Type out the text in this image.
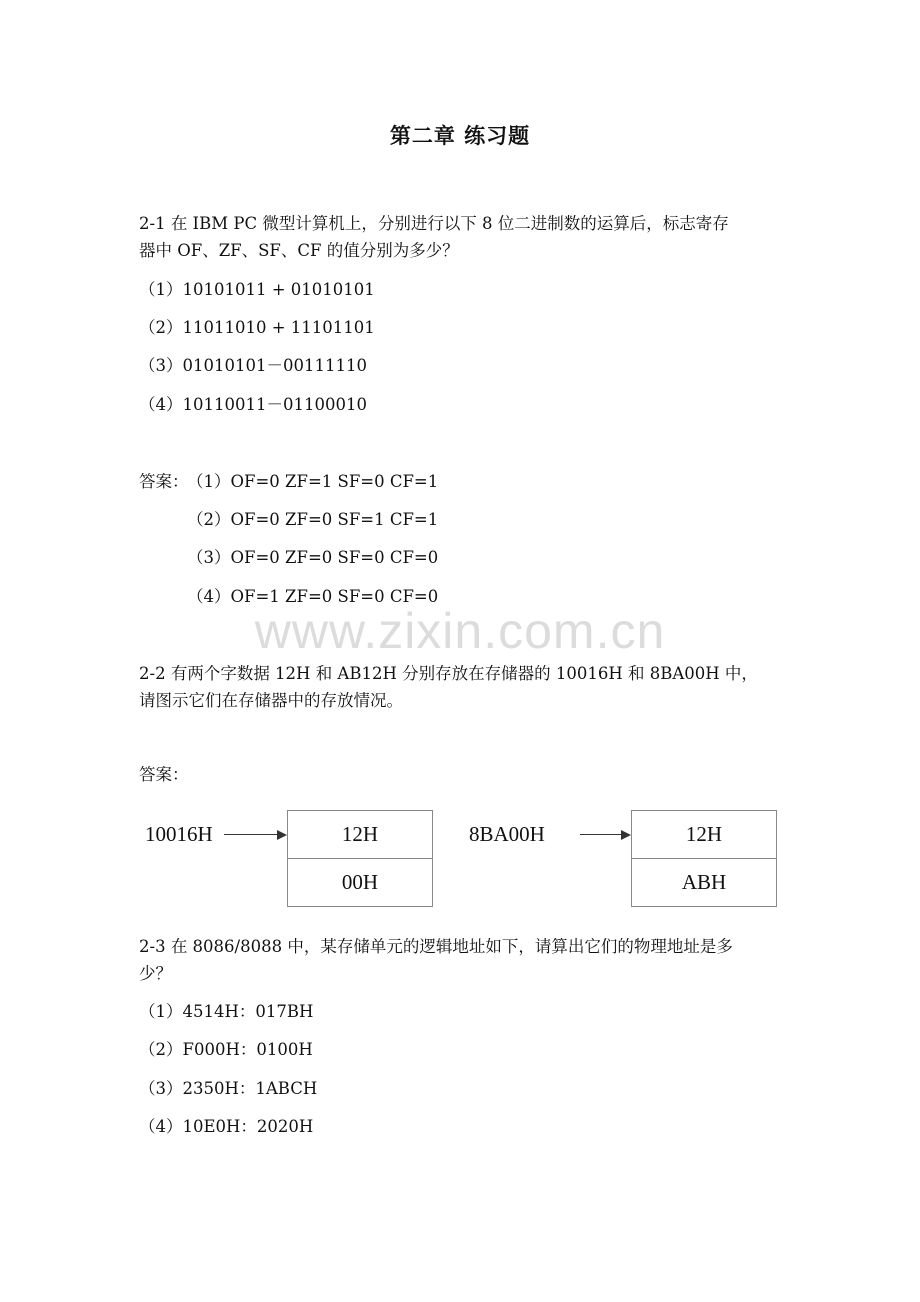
第二章 练习题
2-1 在 IBM PC 微型计算机上，分别进行以下 8 位二进制数的运算后，标志寄存
器中 OF、ZF、SF、CF 的值分别为多少？
（1）10101011 + 01010101
（2）11011010 + 11101101
（3）01010101－00111110
（4）10110011－01100010
答案：
（1）OF=0 ZF=1 SF=0 CF=1
（2）OF=0 ZF=0 SF=1 CF=1
（3）OF=0 ZF=0 SF=0 CF=0
（4）OF=1 ZF=0 SF=0 CF=0
www.zixin.com.cn
2-2 有两个字数据 12H 和 AB12H 分别存放在存储器的 10016H 和 8BA00H 中，
请图示它们在存储器中的存放情况。
答案：
10016H	12H
00H
8BA00H	12H
ABH
2-3 在 8086/8088 中，某存储单元的逻辑地址如下，请算出它们的物理地址是多
少？
（1）4514H：017BH
（2）F000H：0100H
（3）2350H：1ABCH
（4）10E0H：2020H
